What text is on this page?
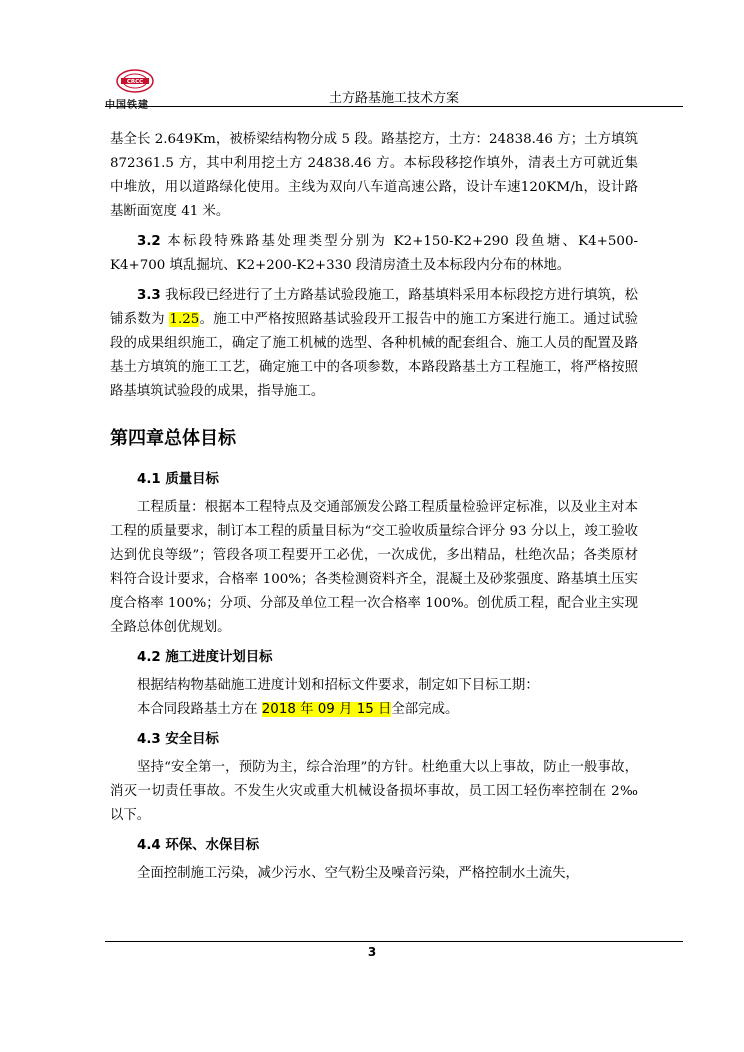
CRCC
中国铁建	土方路基施工技术方案

基全长 2.649Km，被桥梁结构物分成 5 段。路基挖方，土方：24838.46 方；土方填筑 872361.5 方，其中利用挖土方 24838.46 方。本标段移挖作填外，清表土方可就近集中堆放，用以道路绿化使用。主线为双向八车道高速公路，设计车速120KM/h，设计路基断面宽度 41 米。

3.2 本标段特殊路基处理类型分别为 K2+150-K2+290 段鱼塘、K4+500-K4+700 填乱掘坑、K2+200-K2+330 段清房渣土及本标段内分布的林地。

3.3 我标段已经进行了土方路基试验段施工，路基填料采用本标段挖方进行填筑，松铺系数为 1.25。施工中严格按照路基试验段开工报告中的施工方案进行施工。通过试验段的成果组织施工，确定了施工机械的选型、各种机械的配套组合、施工人员的配置及路基土方填筑的施工工艺，确定施工中的各项参数，本路段路基土方工程施工，将严格按照路基填筑试验段的成果，指导施工。

第四章总体目标
4.1 质量目标

工程质量：根据本工程特点及交通部颁发公路工程质量检验评定标准，以及业主对本工程的质量要求，制订本工程的质量目标为“交工验收质量综合评分 93 分以上，竣工验收达到优良等级”；管段各项工程要开工必优，一次成优，多出精品，杜绝次品；各类原材料符合设计要求，合格率 100%；各类检测资料齐全，混凝土及砂浆强度、路基填土压实度合格率 100%；分项、分部及单位工程一次合格率 100%。创优质工程，配合业主实现全路总体创优规划。

4.2 施工进度计划目标

根据结构物基础施工进度计划和招标文件要求，制定如下目标工期：

本合同段路基土方在 2018 年 09 月 15 日全部完成。

4.3 安全目标

坚持“安全第一，预防为主，综合治理”的方针。杜绝重大以上事故，防止一般事故，消灭一切责任事故。不发生火灾或重大机械设备损坏事故，员工因工轻伤率控制在 2‰ 以下。

4.4 环保、水保目标

全面控制施工污染，减少污水、空气粉尘及噪音污染，严格控制水土流失，

3
